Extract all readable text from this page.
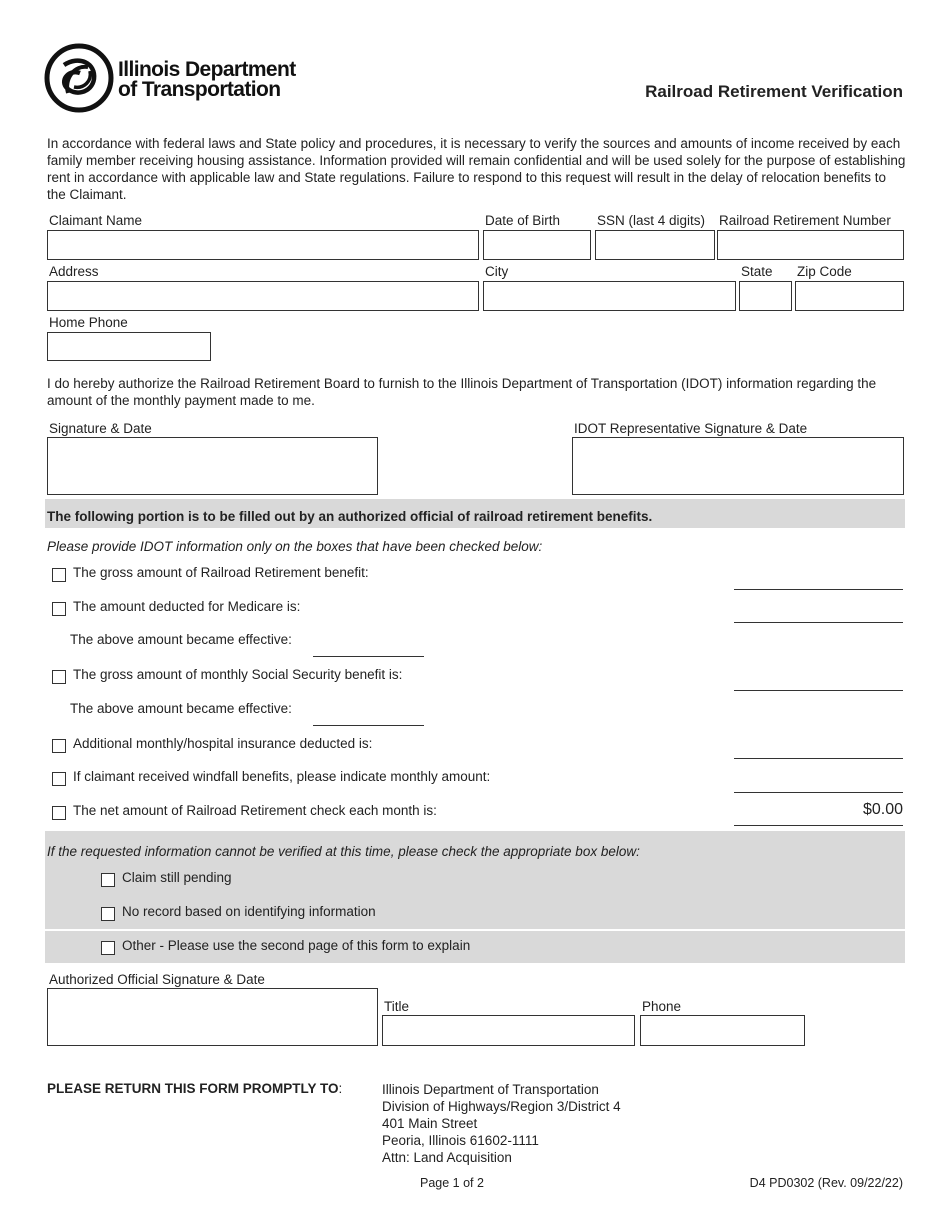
Illinois Department
of Transportation	Railroad Retirement Verification
In accordance with federal laws and State policy and procedures, it is necessary to verify the sources and amounts of income received by each family member receiving housing assistance. Information provided will remain confidential and will be used solely for the purpose of establishing rent in accordance with applicable law and State regulations. Failure to respond to this request will result in the delay of relocation benefits to the Claimant.
Claimant Name	Date of Birth	SSN (last 4 digits) Railroad Retirement Number
Address	City	State Zip Code
Home Phone
I do hereby authorize the Railroad Retirement Board to furnish to the Illinois Department of Transportation (IDOT) information regarding the amount of the monthly payment made to me.
Signature & Date	IDOT Representative Signature & Date
The following portion is to be filled out by an authorized official of railroad retirement benefits.
Please provide IDOT information only on the boxes that have been checked below:
The gross amount of Railroad Retirement benefit:
The amount deducted for Medicare is:
The above amount became effective:
The gross amount of monthly Social Security benefit is:
The above amount became effective:
Additional monthly/hospital insurance deducted is:
If claimant received windfall benefits, please indicate monthly amount:
The net amount of Railroad Retirement check each month is:	$0.00
If the requested information cannot be verified at this time, please check the appropriate box below:
Claim still pending
No record based on identifying information
Other - Please use the second page of this form to explain
Authorized Official Signature & Date
Title	Phone
PLEASE RETURN THIS FORM PROMPTLY TO:	Illinois Department of Transportation
Division of Highways/Region 3/District 4
401 Main Street
Peoria, Illinois 61602-1111
Attn: Land Acquisition
Page 1 of 2	D4 PD0302 (Rev. 09/22/22)
